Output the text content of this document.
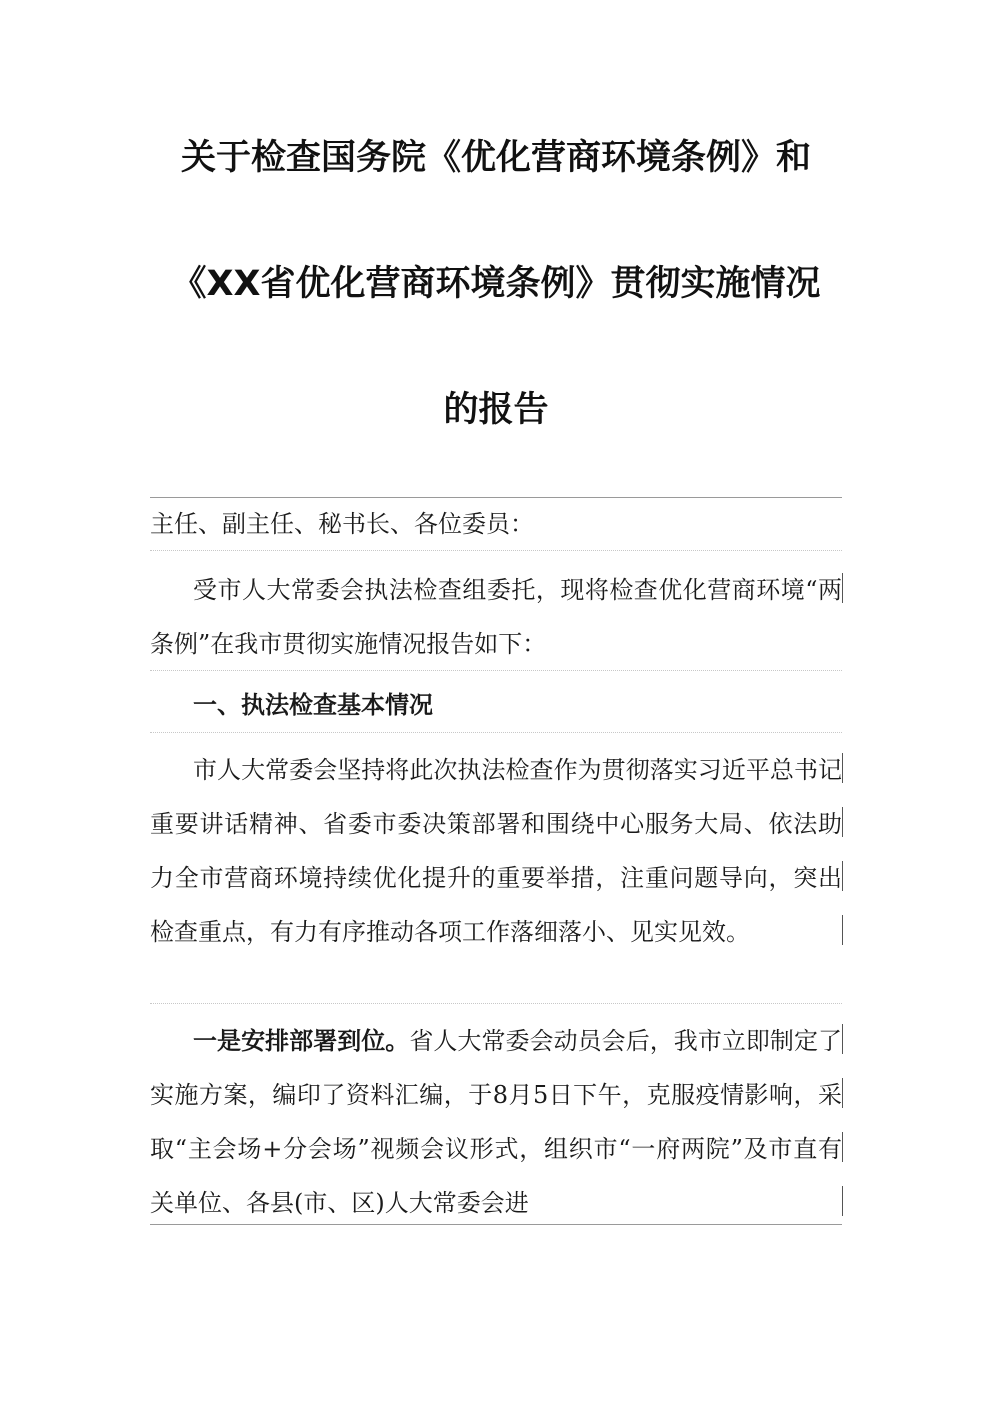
关于检查国务院《优化营商环境条例》和
《XX省优化营商环境条例》贯彻实施情况
的报告
主任、副主任、秘书长、各位委员：
受市人大常委会执法检查组委托，现将检查优化营商环境“两条例”在我市贯彻实施情况报告如下：
一、执法检查基本情况
市人大常委会坚持将此次执法检查作为贯彻落实习近平总书记重要讲话精神、省委市委决策部署和围绕中心服务大局、依法助力全市营商环境持续优化提升的重要举措，注重问题导向，突出检查重点，有力有序推动各项工作落细落小、见实见效。
一是安排部署到位。省人大常委会动员会后，我市立即制定了实施方案，编印了资料汇编，于8月5日下午，克服疫情影响，采取“主会场+分会场”视频会议形式，组织市“一府两院”及市直有关单位、各县(市、区)人大常委会进
